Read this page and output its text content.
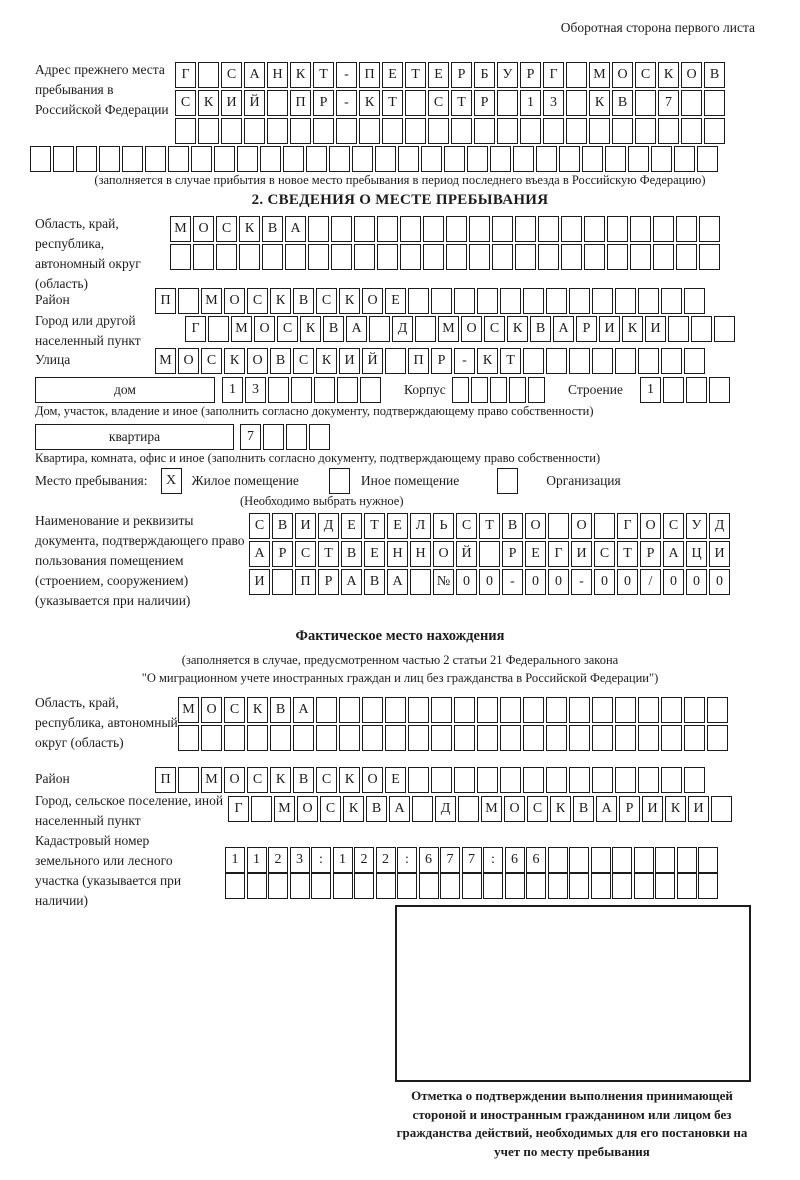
Оборотная сторона первого листа
Адрес прежнего места пребывания в Российской Федерации
Г	С А Н К Т - П Е Т Е Р Б У Р Г	М О С К О В
С К И Й	П Р - К Т	С Т Р	1 3	К В	7
(заполняется в случае прибытия в новое место пребывания в период последнего въезда в Российскую Федерацию)
2. СВЕДЕНИЯ О МЕСТЕ ПРЕБЫВАНИЯ
Область, край, республика, автономный округ (область)
М О С К В А
Район	П М О С К В С К О Е
Город или другой населенный пункт
Г	М О С К В А	Д М О С К В А Р И К И
Улица	М О С К О В С К И Й	П Р - К Т
дом	1 3	Корпус	Строение	1
Дом, участок, владение и иное (заполнить согласно документу, подтверждающему право собственности)
квартира	7
Квартира, комната, офис и иное (заполнить согласно документу, подтверждающему право собственности)
Место пребывания:	X	Жилое помещение	Иное помещение	Организация
(Необходимо выбрать нужное)
Наименование и реквизиты документа, подтверждающего право пользования помещением (строением, сооружением) (указывается при наличии)
С В И Д Е Т Е Л Ь С Т В О	О	Г О С У Д
А Р С Т В Е Н Н О Й	Р Е Г И С Т Р А Ц И
И	П Р А В А № 0 0 - 0 0 - 0 0 / 0 0 0
Фактическое место нахождения
(заполняется в случае, предусмотренном частью 2 статьи 21 Федерального закона
"О миграционном учете иностранных граждан и лиц без гражданства в Российской Федерации")
Область, край, республика, автономный округ (область)
М О С К В А
Район	П М О С К В С К О Е
Город, сельское поселение, иной населенный пункт
Г	М О С К В А	Д М О С К В А Р И К И
Кадастровый номер земельного или лесного участка (указывается при наличии)
1 1 2 3 : 1 2 2 : 6 7 7 : 6 6
Отметка о подтверждении выполнения принимающей стороной и иностранным гражданином или лицом без гражданства действий, необходимых для его постановки на учет по месту пребывания
